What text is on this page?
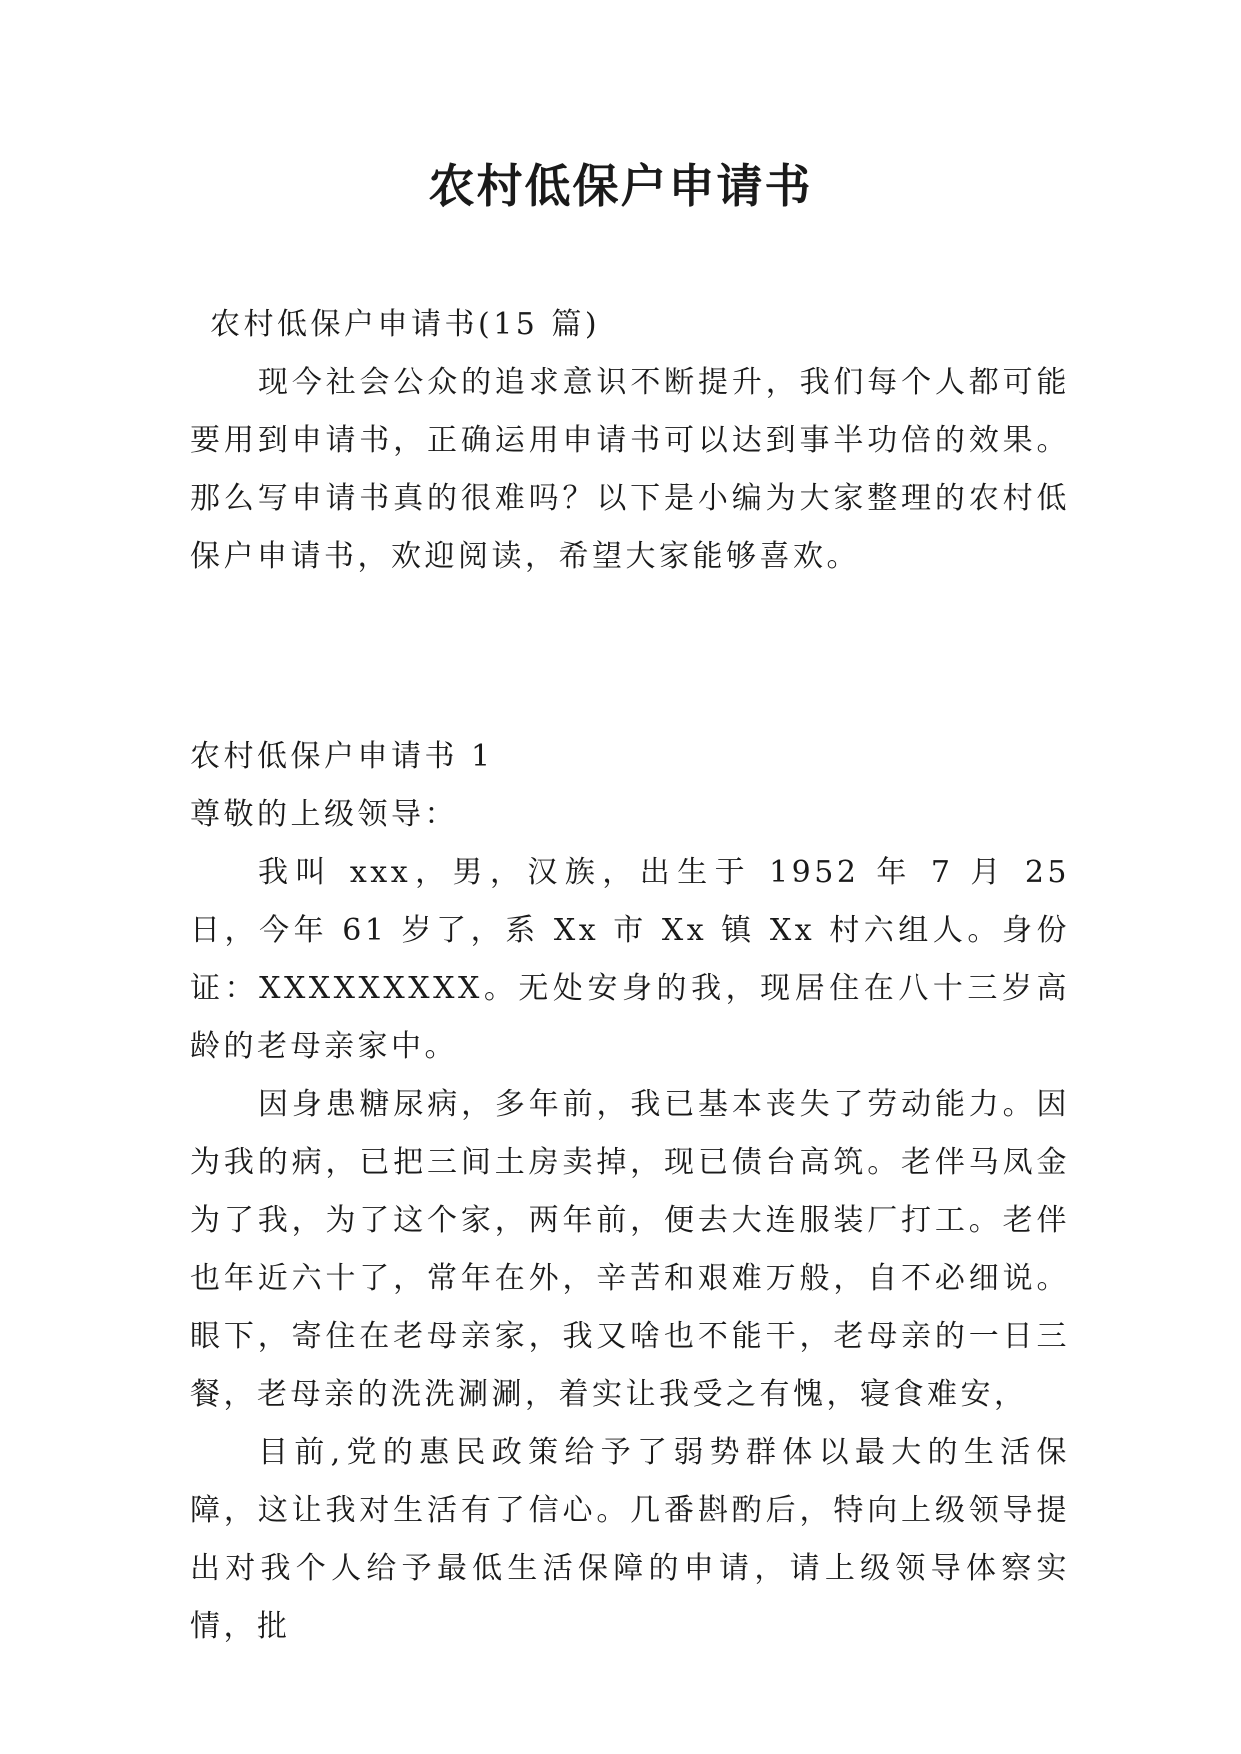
农村低保户申请书

农村低保户申请书(15 篇)

现今社会公众的追求意识不断提升，我们每个人都可能要用到申请书，正确运用申请书可以达到事半功倍的效果。那么写申请书真的很难吗？以下是小编为大家整理的农村低保户申请书，欢迎阅读，希望大家能够喜欢。

农村低保户申请书 1

尊敬的上级领导：

我叫 xxx，男，汉族，出生于 1952 年 7 月 25 日，今年 61 岁了，系 Xx 市 Xx 镇 Xx 村六组人。身份证：XXXXXXXXX。无处安身的我，现居住在八十三岁高龄的老母亲家中。

因身患糖尿病，多年前，我已基本丧失了劳动能力。因为我的病，已把三间土房卖掉，现已债台高筑。老伴马凤金为了我，为了这个家，两年前，便去大连服装厂打工。老伴也年近六十了，常年在外，辛苦和艰难万般，自不必细说。眼下，寄住在老母亲家，我又啥也不能干，老母亲的一日三餐，老母亲的洗洗涮涮，着实让我受之有愧，寝食难安，

目前,党的惠民政策给予了弱势群体以最大的生活保障，这让我对生活有了信心。几番斟酌后，特向上级领导提出对我个人给予最低生活保障的申请，请上级领导体察实情，批
